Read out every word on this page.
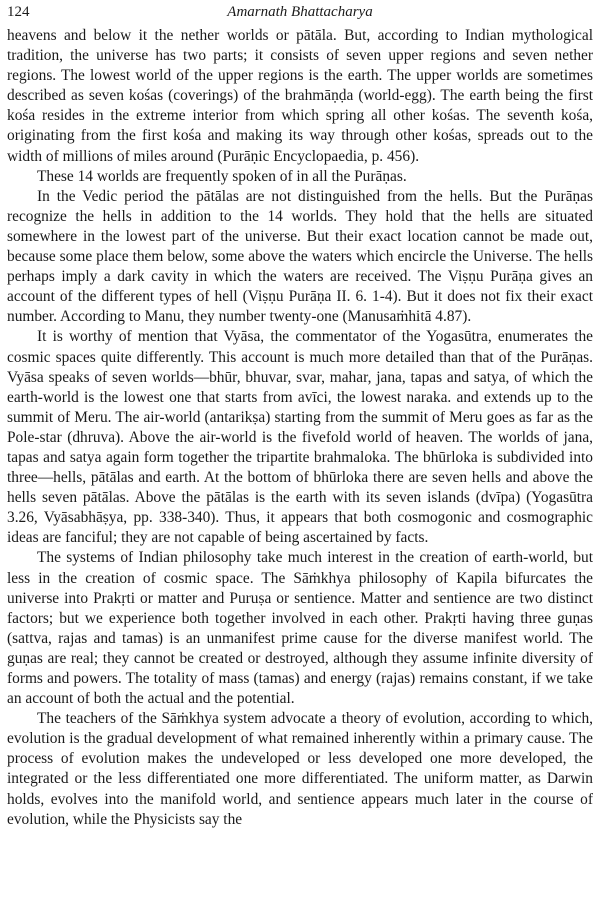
124	Amarnath Bhattacharya

heavens and below it the nether worlds or pātāla. But, according to Indian mythological tradition, the universe has two parts; it consists of seven upper regions and seven nether regions. The lowest world of the upper regions is the earth. The upper worlds are sometimes described as seven kośas (coverings) of the brahmāṇḍa (world-egg). The earth being the first kośa resides in the extreme interior from which spring all other kośas. The seventh kośa, originating from the first kośa and making its way through other kośas, spreads out to the width of millions of miles around (Purāṇic Encyclopaedia, p. 456).

These 14 worlds are frequently spoken of in all the Purāṇas.

In the Vedic period the pātālas are not distinguished from the hells. But the Purāṇas recognize the hells in addition to the 14 worlds. They hold that the hells are situated somewhere in the lowest part of the universe. But their exact location cannot be made out, because some place them below, some above the waters which encircle the Universe. The hells perhaps imply a dark cavity in which the waters are received. The Viṣṇu Purāṇa gives an account of the different types of hell (Viṣṇu Purāṇa II. 6. 1-4). But it does not fix their exact number. According to Manu, they number twenty-one (Manusaṁhitā 4.87).

It is worthy of mention that Vyāsa, the commentator of the Yogasūtra, enumerates the cosmic spaces quite differently. This account is much more detailed than that of the Purāṇas. Vyāsa speaks of seven worlds—bhūr, bhuvar, svar, mahar, jana, tapas and satya, of which the earth-world is the lowest one that starts from avīci, the lowest naraka. and extends up to the summit of Meru. The air-world (antarikṣa) starting from the summit of Meru goes as far as the Pole-star (dhruva). Above the air-world is the fivefold world of heaven. The worlds of jana, tapas and satya again form together the tripartite brahmaloka. The bhūrloka is subdivided into three—hells, pātālas and earth. At the bottom of bhūrloka there are seven hells and above the hells seven pātālas. Above the pātālas is the earth with its seven islands (dvīpa) (Yogasūtra 3.26, Vyāsabhāṣya, pp. 338-340). Thus, it appears that both cosmogonic and cosmographic ideas are fanciful; they are not capable of being ascertained by facts.

The systems of Indian philosophy take much interest in the creation of earth-world, but less in the creation of cosmic space. The Sāṁkhya philosophy of Kapila bifurcates the universe into Prakṛti or matter and Puruṣa or sentience. Matter and sentience are two distinct factors; but we experience both together involved in each other. Prakṛti having three guṇas (sattva, rajas and tamas) is an unmanifest prime cause for the diverse manifest world. The guṇas are real; they cannot be created or destroyed, although they assume infinite diversity of forms and powers. The totality of mass (tamas) and energy (rajas) remains constant, if we take an account of both the actual and the potential.

The teachers of the Sāṁkhya system advocate a theory of evolution, according to which, evolution is the gradual development of what remained inherently within a primary cause. The process of evolution makes the undeveloped or less developed one more developed, the integrated or the less differentiated one more differentiated. The uniform matter, as Darwin holds, evolves into the manifold world, and sentience appears much later in the course of evolution, while the Physicists say the
